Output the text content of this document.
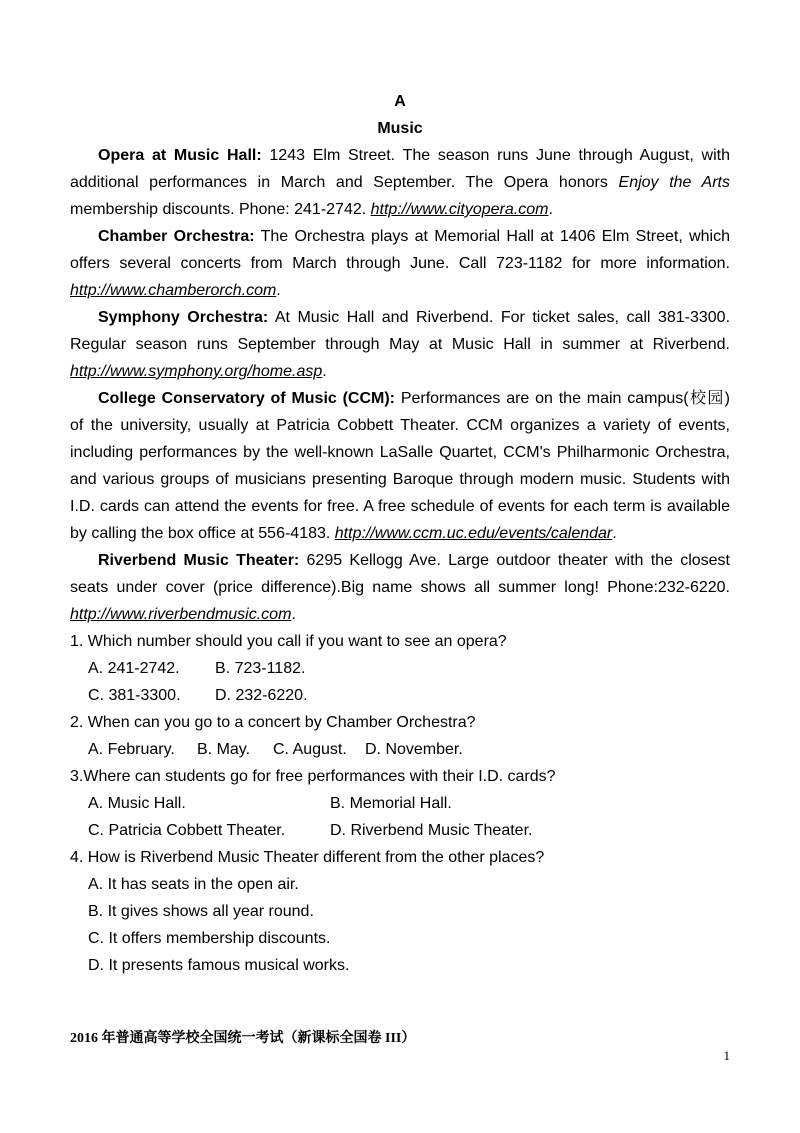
A
Music

Opera at Music Hall: 1243 Elm Street. The season runs June through August, with additional performances in March and September. The Opera honors Enjoy the Arts membership discounts. Phone: 241-2742. http://www.cityopera.com.

Chamber Orchestra: The Orchestra plays at Memorial Hall at 1406 Elm Street, which offers several concerts from March through June. Call 723-1182 for more information. http://www.chamberorch.com.

Symphony Orchestra: At Music Hall and Riverbend. For ticket sales, call 381-3300. Regular season runs September through May at Music Hall in summer at Riverbend. http://www.symphony.org/home.asp.

College Conservatory of Music (CCM): Performances are on the main campus(校园) of the university, usually at Patricia Cobbett Theater. CCM organizes a variety of events, including performances by the well-known LaSalle Quartet, CCM's Philharmonic Orchestra, and various groups of musicians presenting Baroque through modern music. Students with I.D. cards can attend the events for free. A free schedule of events for each term is available by calling the box office at 556-4183. http://www.ccm.uc.edu/events/calendar.

Riverbend Music Theater: 6295 Kellogg Ave. Large outdoor theater with the closest seats under cover (price difference).Big name shows all summer long! Phone:232-6220. http://www.riverbendmusic.com.

1. Which number should you call if you want to see an opera?

A. 241-2742. B. 723-1182.
C. 381-3300. D. 232-6220.

2. When can you go to a concert by Chamber Orchestra?

A. February. B. May. C. August. D. November.

3.Where can students go for free performances with their I.D. cards?

A. Music Hall.	B. Memorial Hall.
C. Patricia Cobbett Theater.	D. Riverbend Music Theater.

4. How is Riverbend Music Theater different from the other places?

A. It has seats in the open air.
B. It gives shows all year round.
C. It offers membership discounts.
D. It presents famous musical works.
2016 年普通高等学校全国统一考试（新课标全国卷 III）
1
